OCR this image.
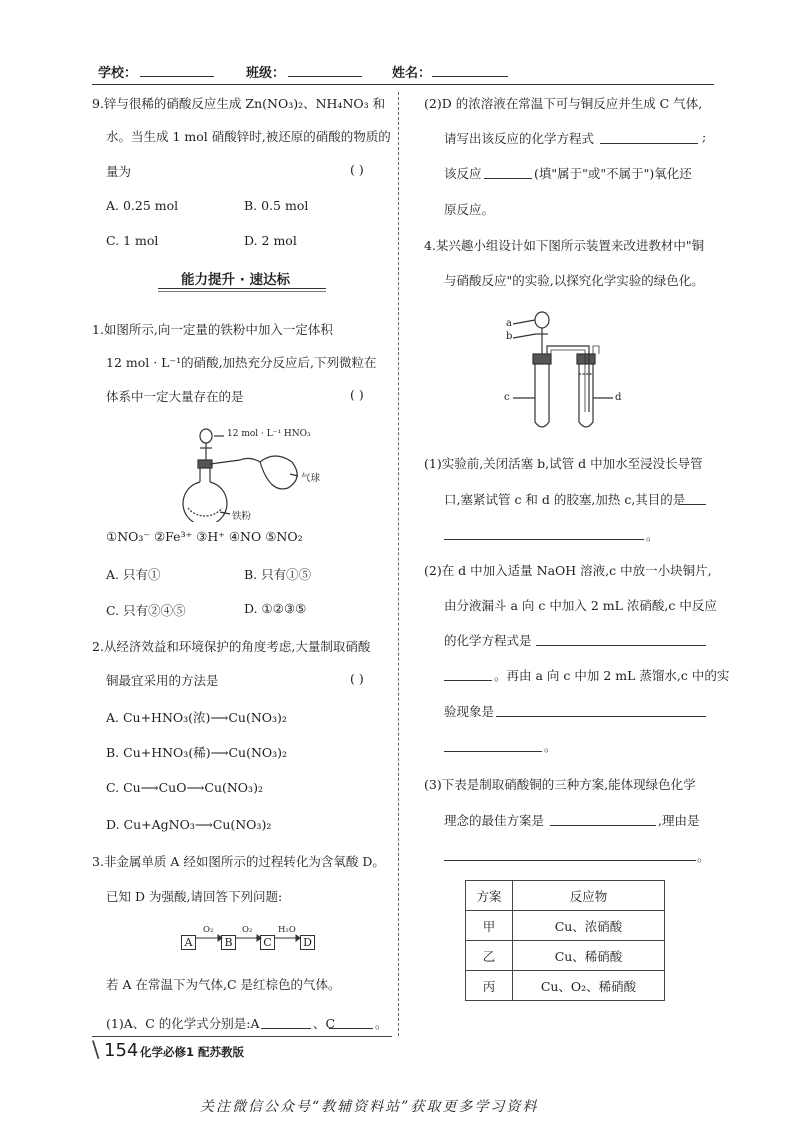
学校：	班级：	姓名：
9.锌与很稀的硝酸反应生成 Zn(NO₃)₂、NH₄NO₃ 和
水。当生成 1 mol 硝酸锌时,被还原的硝酸的物质的
量为	( )
A. 0.25 mol	B. 0.5 mol
C. 1 mol	D. 2 mol
能力提升 · 速达标
1.如图所示,向一定量的铁粉中加入一定体积
12 mol · L⁻¹的硝酸,加热充分反应后,下列微粒在
体系中一定大量存在的是	( )
12 mol · L⁻¹ HNO₃
气球
铁粉
①NO₃⁻ ②Fe³⁺ ③H⁺ ④NO ⑤NO₂
A. 只有①	B. 只有①⑤
C. 只有②④⑤	D. ①②③⑤
2.从经济效益和环境保护的角度考虑,大量制取硝酸
铜最宜采用的方法是	( )
A. Cu+HNO₃(浓)⟶Cu(NO₃)₂
B. Cu+HNO₃(稀)⟶Cu(NO₃)₂
C. Cu⟶CuO⟶Cu(NO₃)₂
D. Cu+AgNO₃⟶Cu(NO₃)₂
3.非金属单质 A 经如图所示的过程转化为含氧酸 D。
已知 D 为强酸,请回答下列问题:
A	B	C	D
O₂	O₂	H₂O
若 A 在常温下为气体,C 是红棕色的气体。
(1)A、C 的化学式分别是:A	、C	。
(2)D 的浓溶液在常温下可与铜反应并生成 C 气体,
请写出该反应的化学方程式	;
该反应	(填"属于"或"不属于")氧化还
原反应。
4.某兴趣小组设计如下图所示装置来改进教材中"铜
与硝酸反应"的实验,以探究化学实验的绿色化。
a
b
c	d
(1)实验前,关闭活塞 b,试管 d 中加水至浸没长导管
口,塞紧试管 c 和 d 的胶塞,加热 c,其目的是
。
(2)在 d 中加入适量 NaOH 溶液,c 中放一小块铜片,
由分液漏斗 a 向 c 中加入 2 mL 浓硝酸,c 中反应
的化学方程式是
。再由 a 向 c 中加 2 mL 蒸馏水,c 中的实
验现象是
。
(3)下表是制取硝酸铜的三种方案,能体现绿色化学
理念的最佳方案是	,理由是
。
方案	反应物
甲	Cu、浓硝酸
乙	Cu、稀硝酸
丙	Cu、O₂、稀硝酸
\ 154 化学必修1 配苏教版
关注微信公众号“教辅资料站”获取更多学习资料
